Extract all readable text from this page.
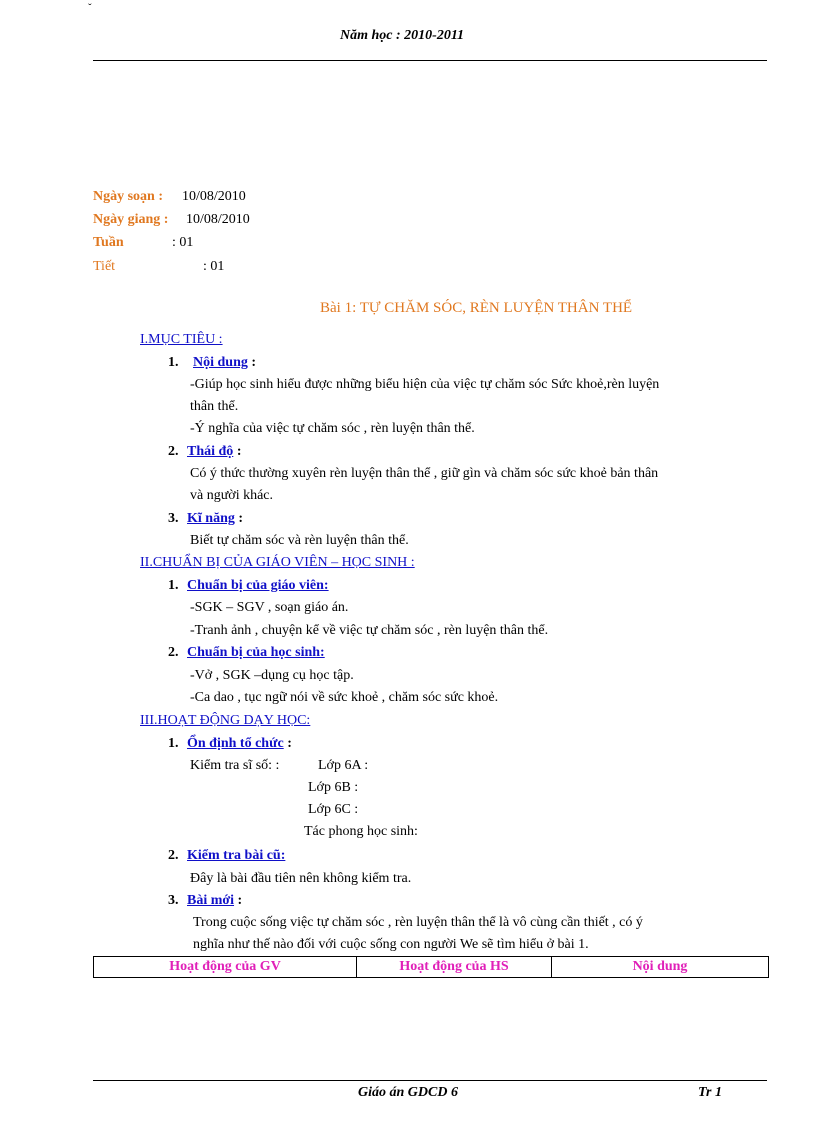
ˇ
Năm học : 2010-2011
Ngày soạn : 10/08/2010
Ngày giang : 10/08/2010
Tuần	: 01
Tiết	: 01
Bài 1: TỰ CHĂM SÓC, RÈN LUYỆN THÂN THỂ
I.MỤC TIÊU :
1. Nội dung :
-Giúp học sinh hiểu được những biểu hiện của việc tự chăm sóc Sức khoẻ,rèn luyện
thân thể.
-Ý nghĩa của việc tự chăm sóc , rèn luyện thân thể.
2. Thái độ :
Có ý thức thường xuyên rèn luyện thân thể , giữ gìn và chăm sóc sức khoẻ bản thân
và người khác.
3. Kĩ năng :
Biết tự chăm sóc và rèn luyện thân thể.
II.CHUẨN BỊ CỦA GIÁO VIÊN – HỌC SINH :
1. Chuẩn bị của giáo viên:
-SGK – SGV , soạn giáo án.
-Tranh ảnh , chuyện kể về việc tự chăm sóc , rèn luyện thân thể.
2. Chuẩn bị của học sinh:
-Vở , SGK –dụng cụ học tập.
-Ca dao , tục ngữ nói về sức khoẻ , chăm sóc sức khoẻ.
III.HOẠT ĐỘNG DẠY HỌC:
1. Ổn định tổ chức :
Kiểm tra sĩ số: :	Lớp 6A :
Lớp 6B :
Lớp 6C :
Tác phong học sinh:
2. Kiểm tra bài cũ:
Đây là bài đầu tiên nên không kiểm tra.
3. Bài mới :
Trong cuộc sống việc tự chăm sóc , rèn luyện thân thể là vô cùng cần thiết , có ý
nghĩa như thế nào đối với cuộc sống con người We sẽ tìm hiểu ở bài 1.
Hoạt động của GV	Hoạt động của HS	Nội dung
Giáo án GDCD 6	Tr 1
